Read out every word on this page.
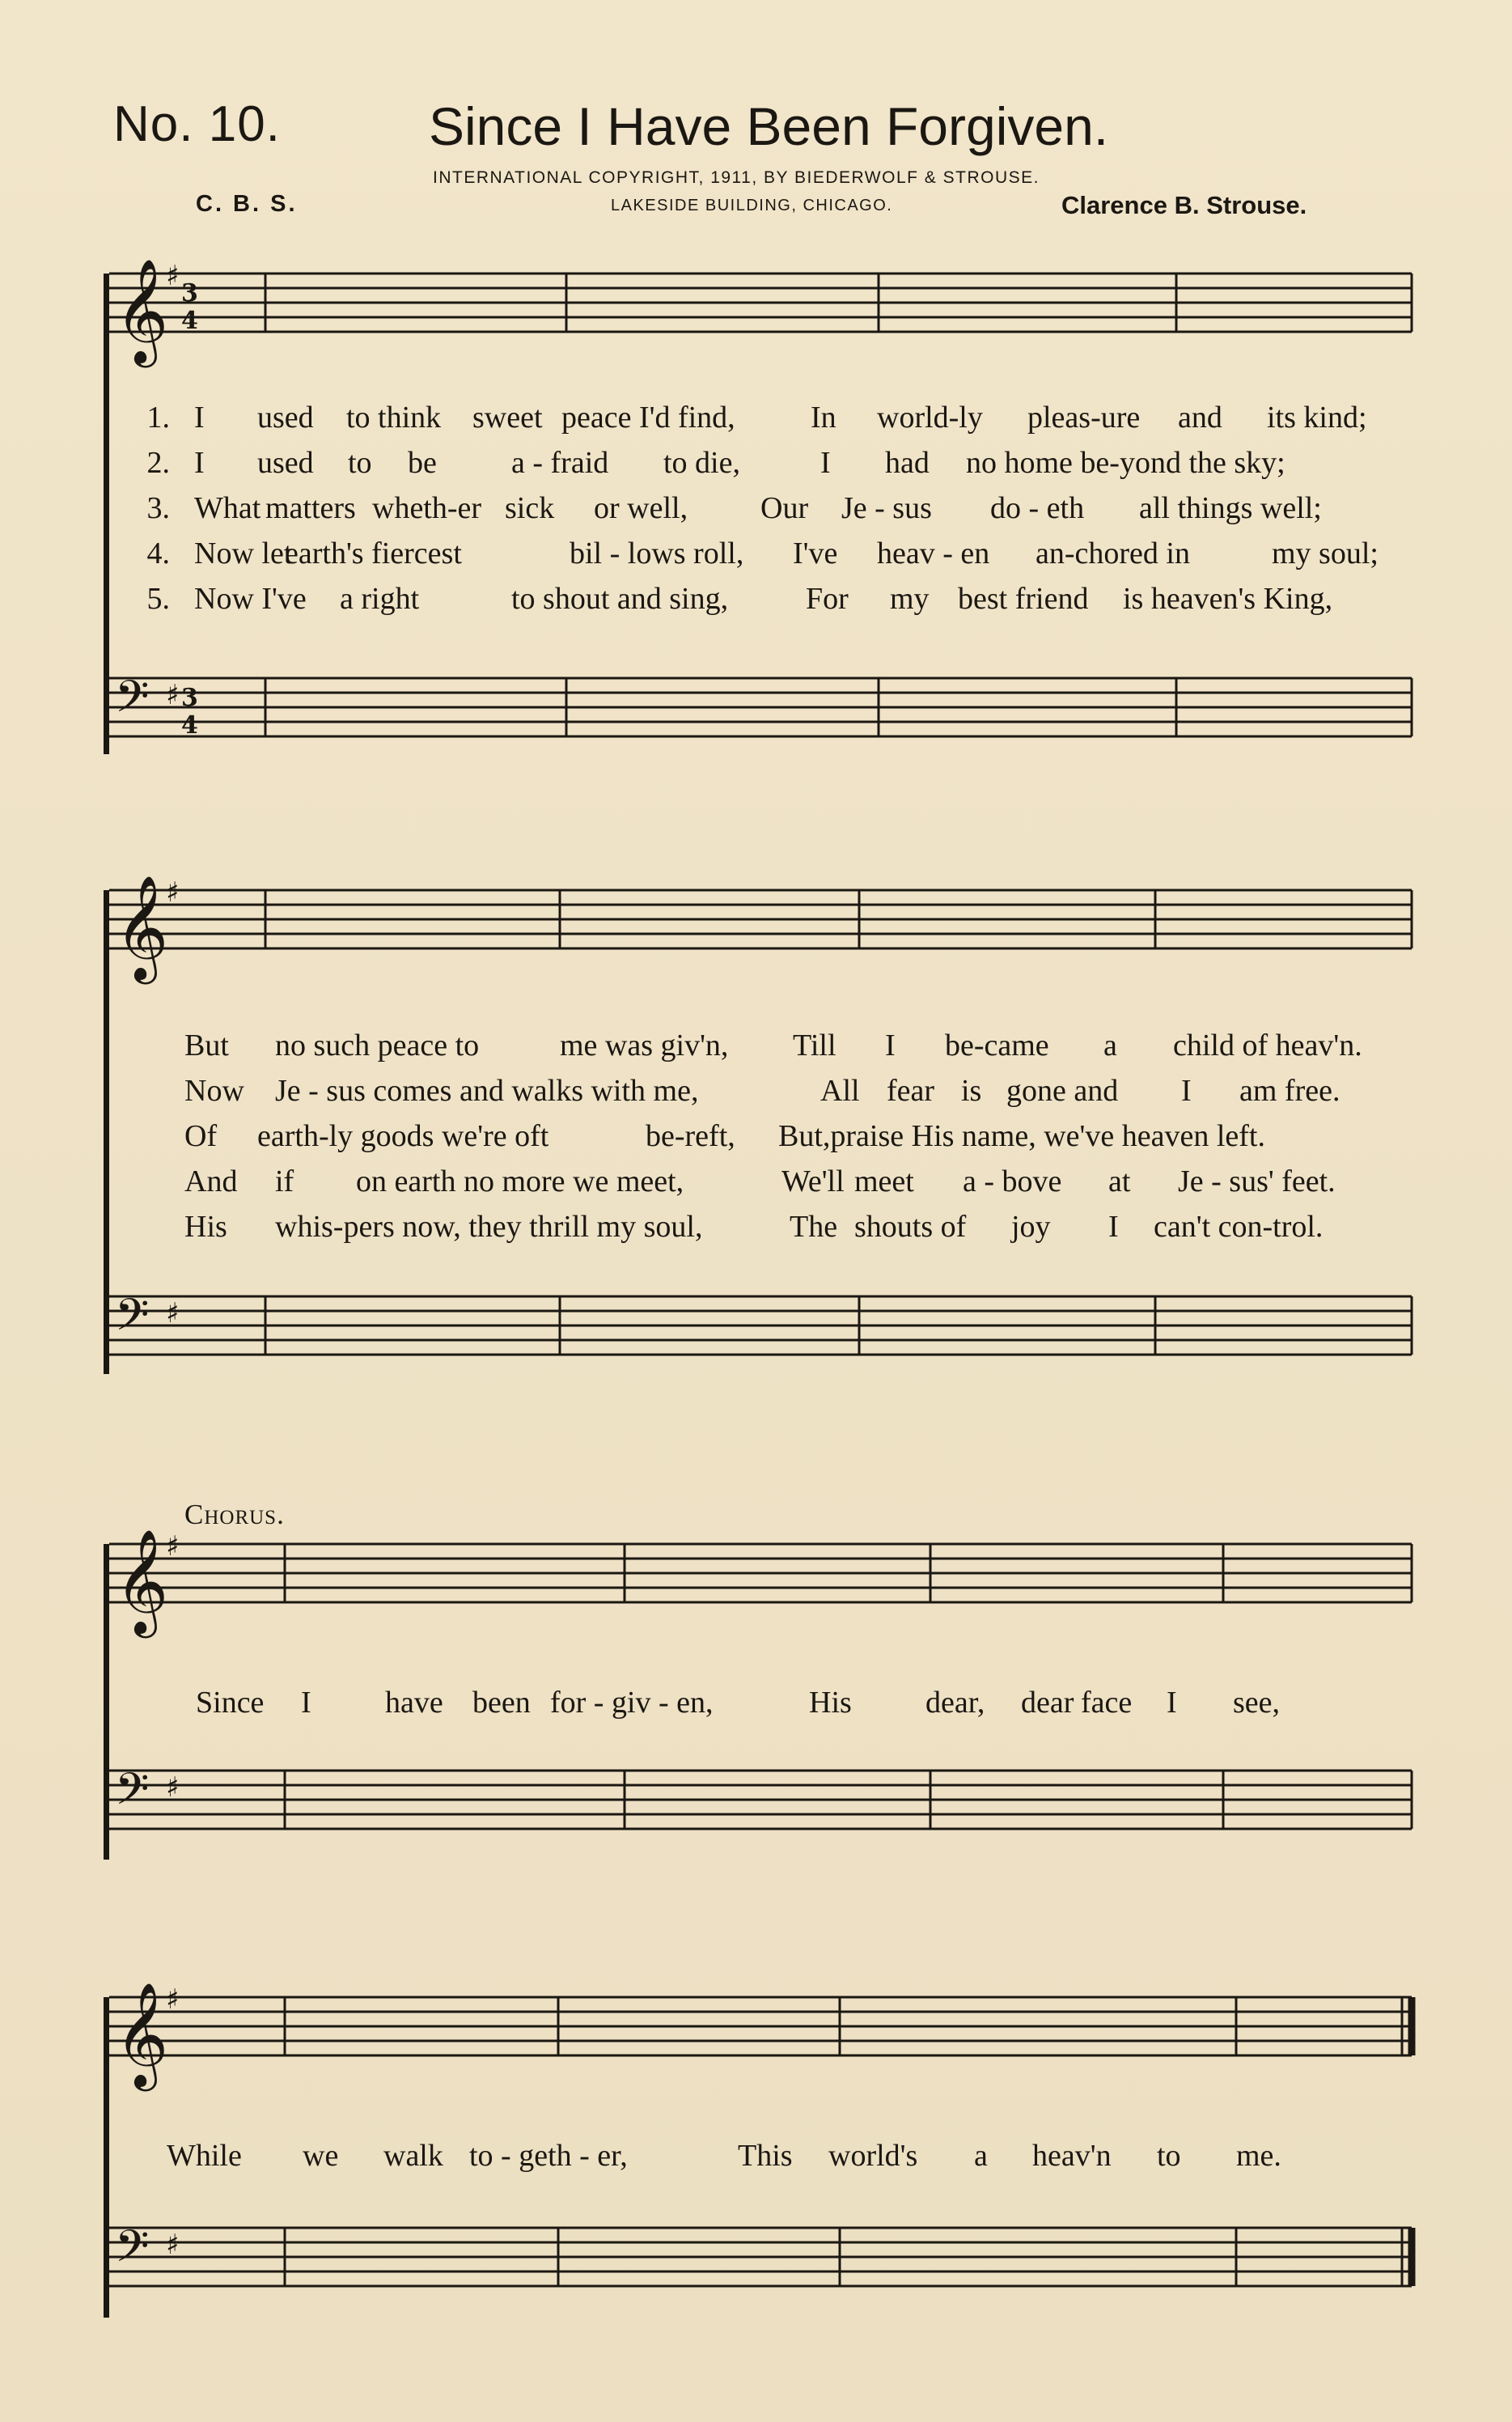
No. 10.	Since I Have Been Forgiven.
INTERNATIONAL COPYRIGHT, 1911, BY BIEDERWOLF & STROUSE.
C. B. S.	LAKESIDE BUILDING, CHICAGO.	Clarence B. Strouse.
𝄞
♯
3
4
𝄢 ♯ 3
4
1. I used to think sweet peace I'd find, In world-ly pleas-ure and its kind;
2. I used to be a - fraid to die,	I had no home be-yond the sky;
3. What matters wheth-er sick or well, Our Je - sus do - eth all things well;
4. Now let
earth's fiercest	bil - lows roll, I've heav - en an-chored in	my soul;
5. Now I've a right	to shout and sing,	For my best friend is heaven's King,
𝄞
♯
𝄢 ♯
But no such peace to	me was giv'n, Till I be-came a child of heav'n.
Now Je - sus comes and walks with me,	All fear is gone and I am free.
Of earth-ly goods we're oft	be-reft, But,praise His name, we've heaven left.
And if on earth no more we meet,	We'll meet a - bove at Je - sus' feet.
His whis-pers now, they thrill my soul,	The shouts of joy I can't con-trol.
Chorus.
𝄞
♯
𝄢 ♯
Since I have been for - giv - en,	His dear, dear face I see,
𝄞
♯
𝄢 ♯
While we walk to - geth - er,	This world's a heav'n to me.
